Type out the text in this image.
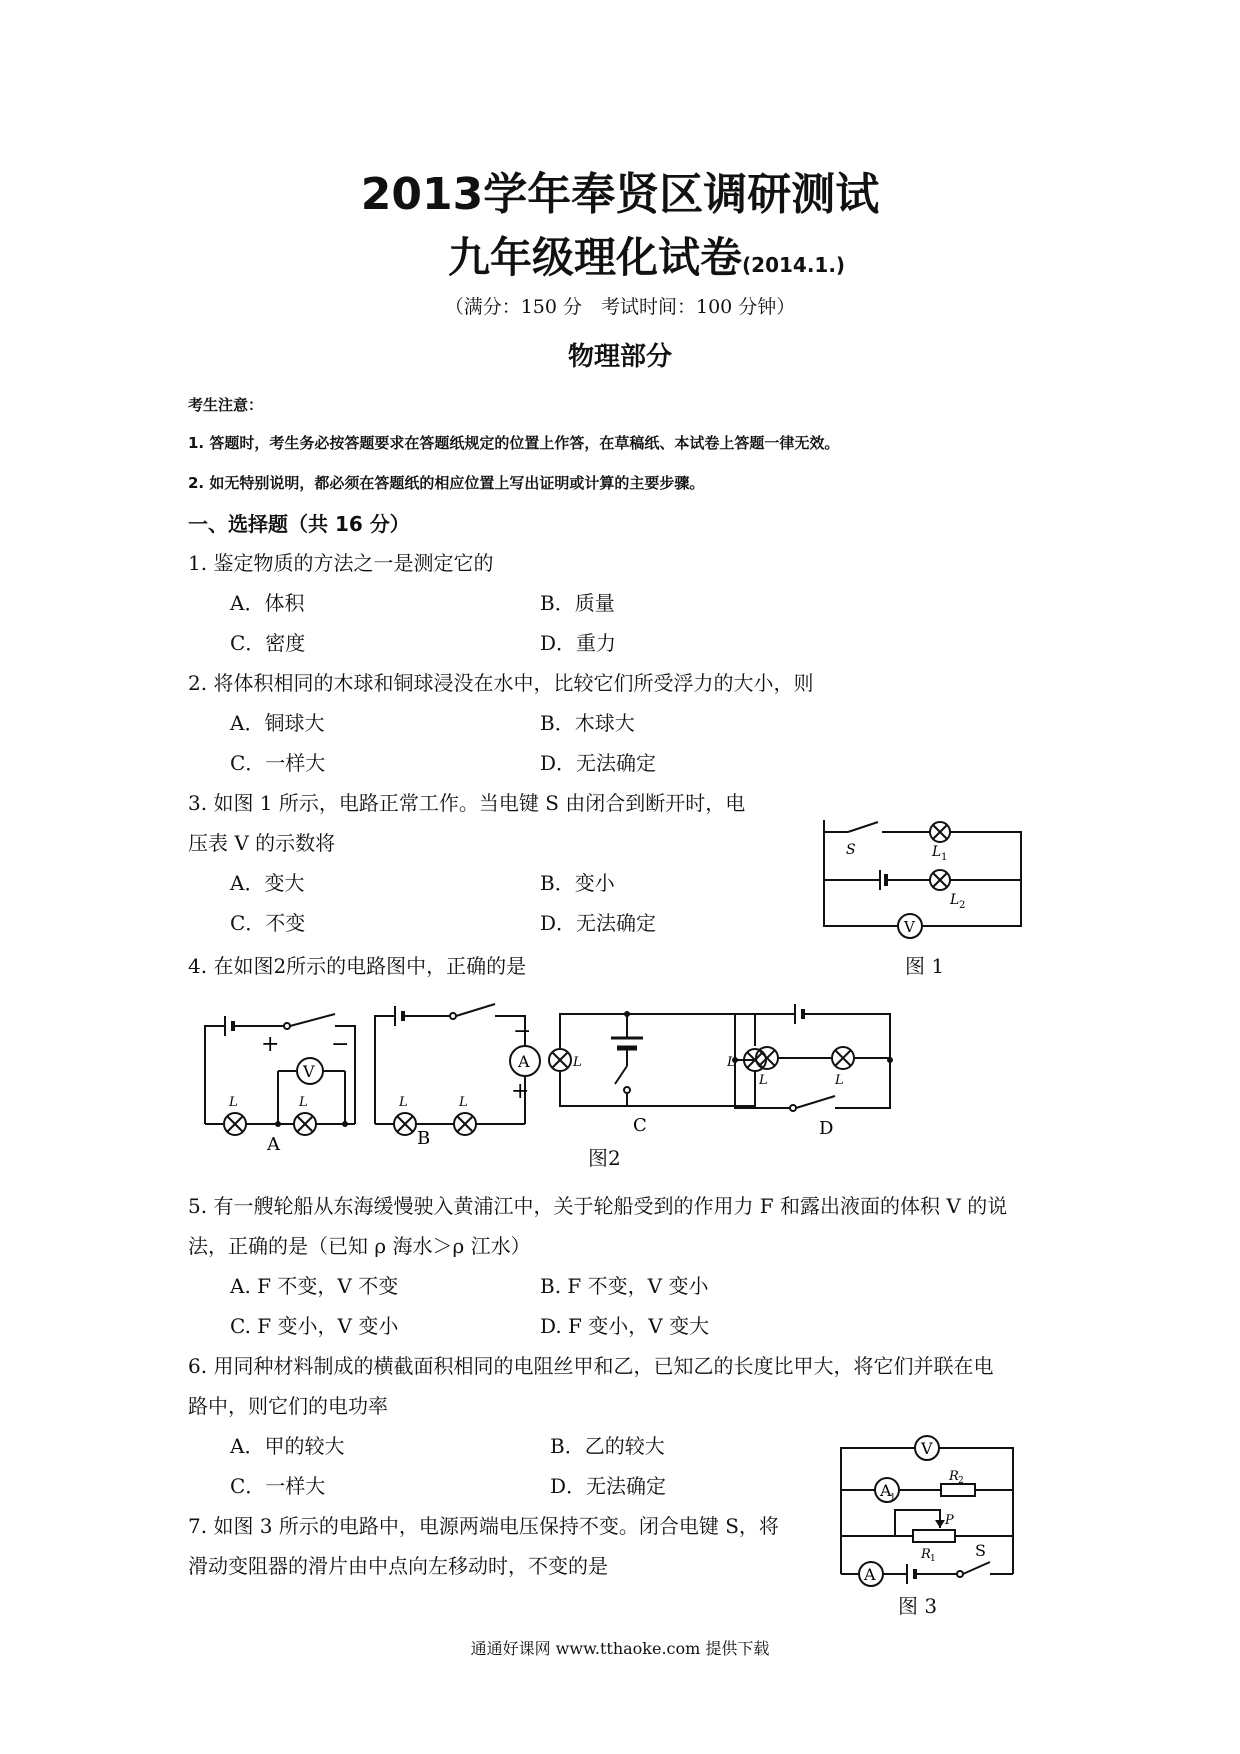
2013学年奉贤区调研测试
九年级理化试卷(2014.1.)
（满分：150 分　考试时间：100 分钟）
物理部分
考生注意：
1. 答题时，考生务必按答题要求在答题纸规定的位置上作答，在草稿纸、本试卷上答题一律无效。
2. 如无特别说明，都必须在答题纸的相应位置上写出证明或计算的主要步骤。
一、选择题（共 16 分）
1. 鉴定物质的方法之一是测定它的
A．体积	B．质量
C．密度	D．重力
2. 将体积相同的木球和铜球浸没在水中，比较它们所受浮力的大小，则
A．铜球大	B．木球大
C．一样大	D．无法确定
3. 如图 1 所示，电路正常工作。当电键 S 由闭合到断开时，电
压表 V 的示数将
A．变大	B．变小
C．不变	D．无法确定
S	L 1
L 2
V
图 1
4. 在如图2所示的电路图中，正确的是
+ −
V
L	L
A
A
−
+
L	L
B
L	L
C
L	L
D
图2
5. 有一艘轮船从东海缓慢驶入黄浦江中，关于轮船受到的作用力 F 和露出液面的体积 V 的说
法，正确的是（已知 ρ 海水＞ρ 江水）
A. F 不变，V 不变	B. F 不变，V 变小
C. F 变小，V 变小	D. F 变小，V 变大
6. 用同种材料制成的横截面积相同的电阻丝甲和乙，已知乙的长度比甲大，将它们并联在电
路中，则它们的电功率
A．甲的较大	B．乙的较大
C．一样大	D．无法确定
7. 如图 3 所示的电路中，电源两端电压保持不变。闭合电键 S，将
滑动变阻器的滑片由中点向左移动时，不变的是
V
A
1
R 2
P
R 1
A
S
图 3
通通好课网 www.tthaoke.com 提供下载
